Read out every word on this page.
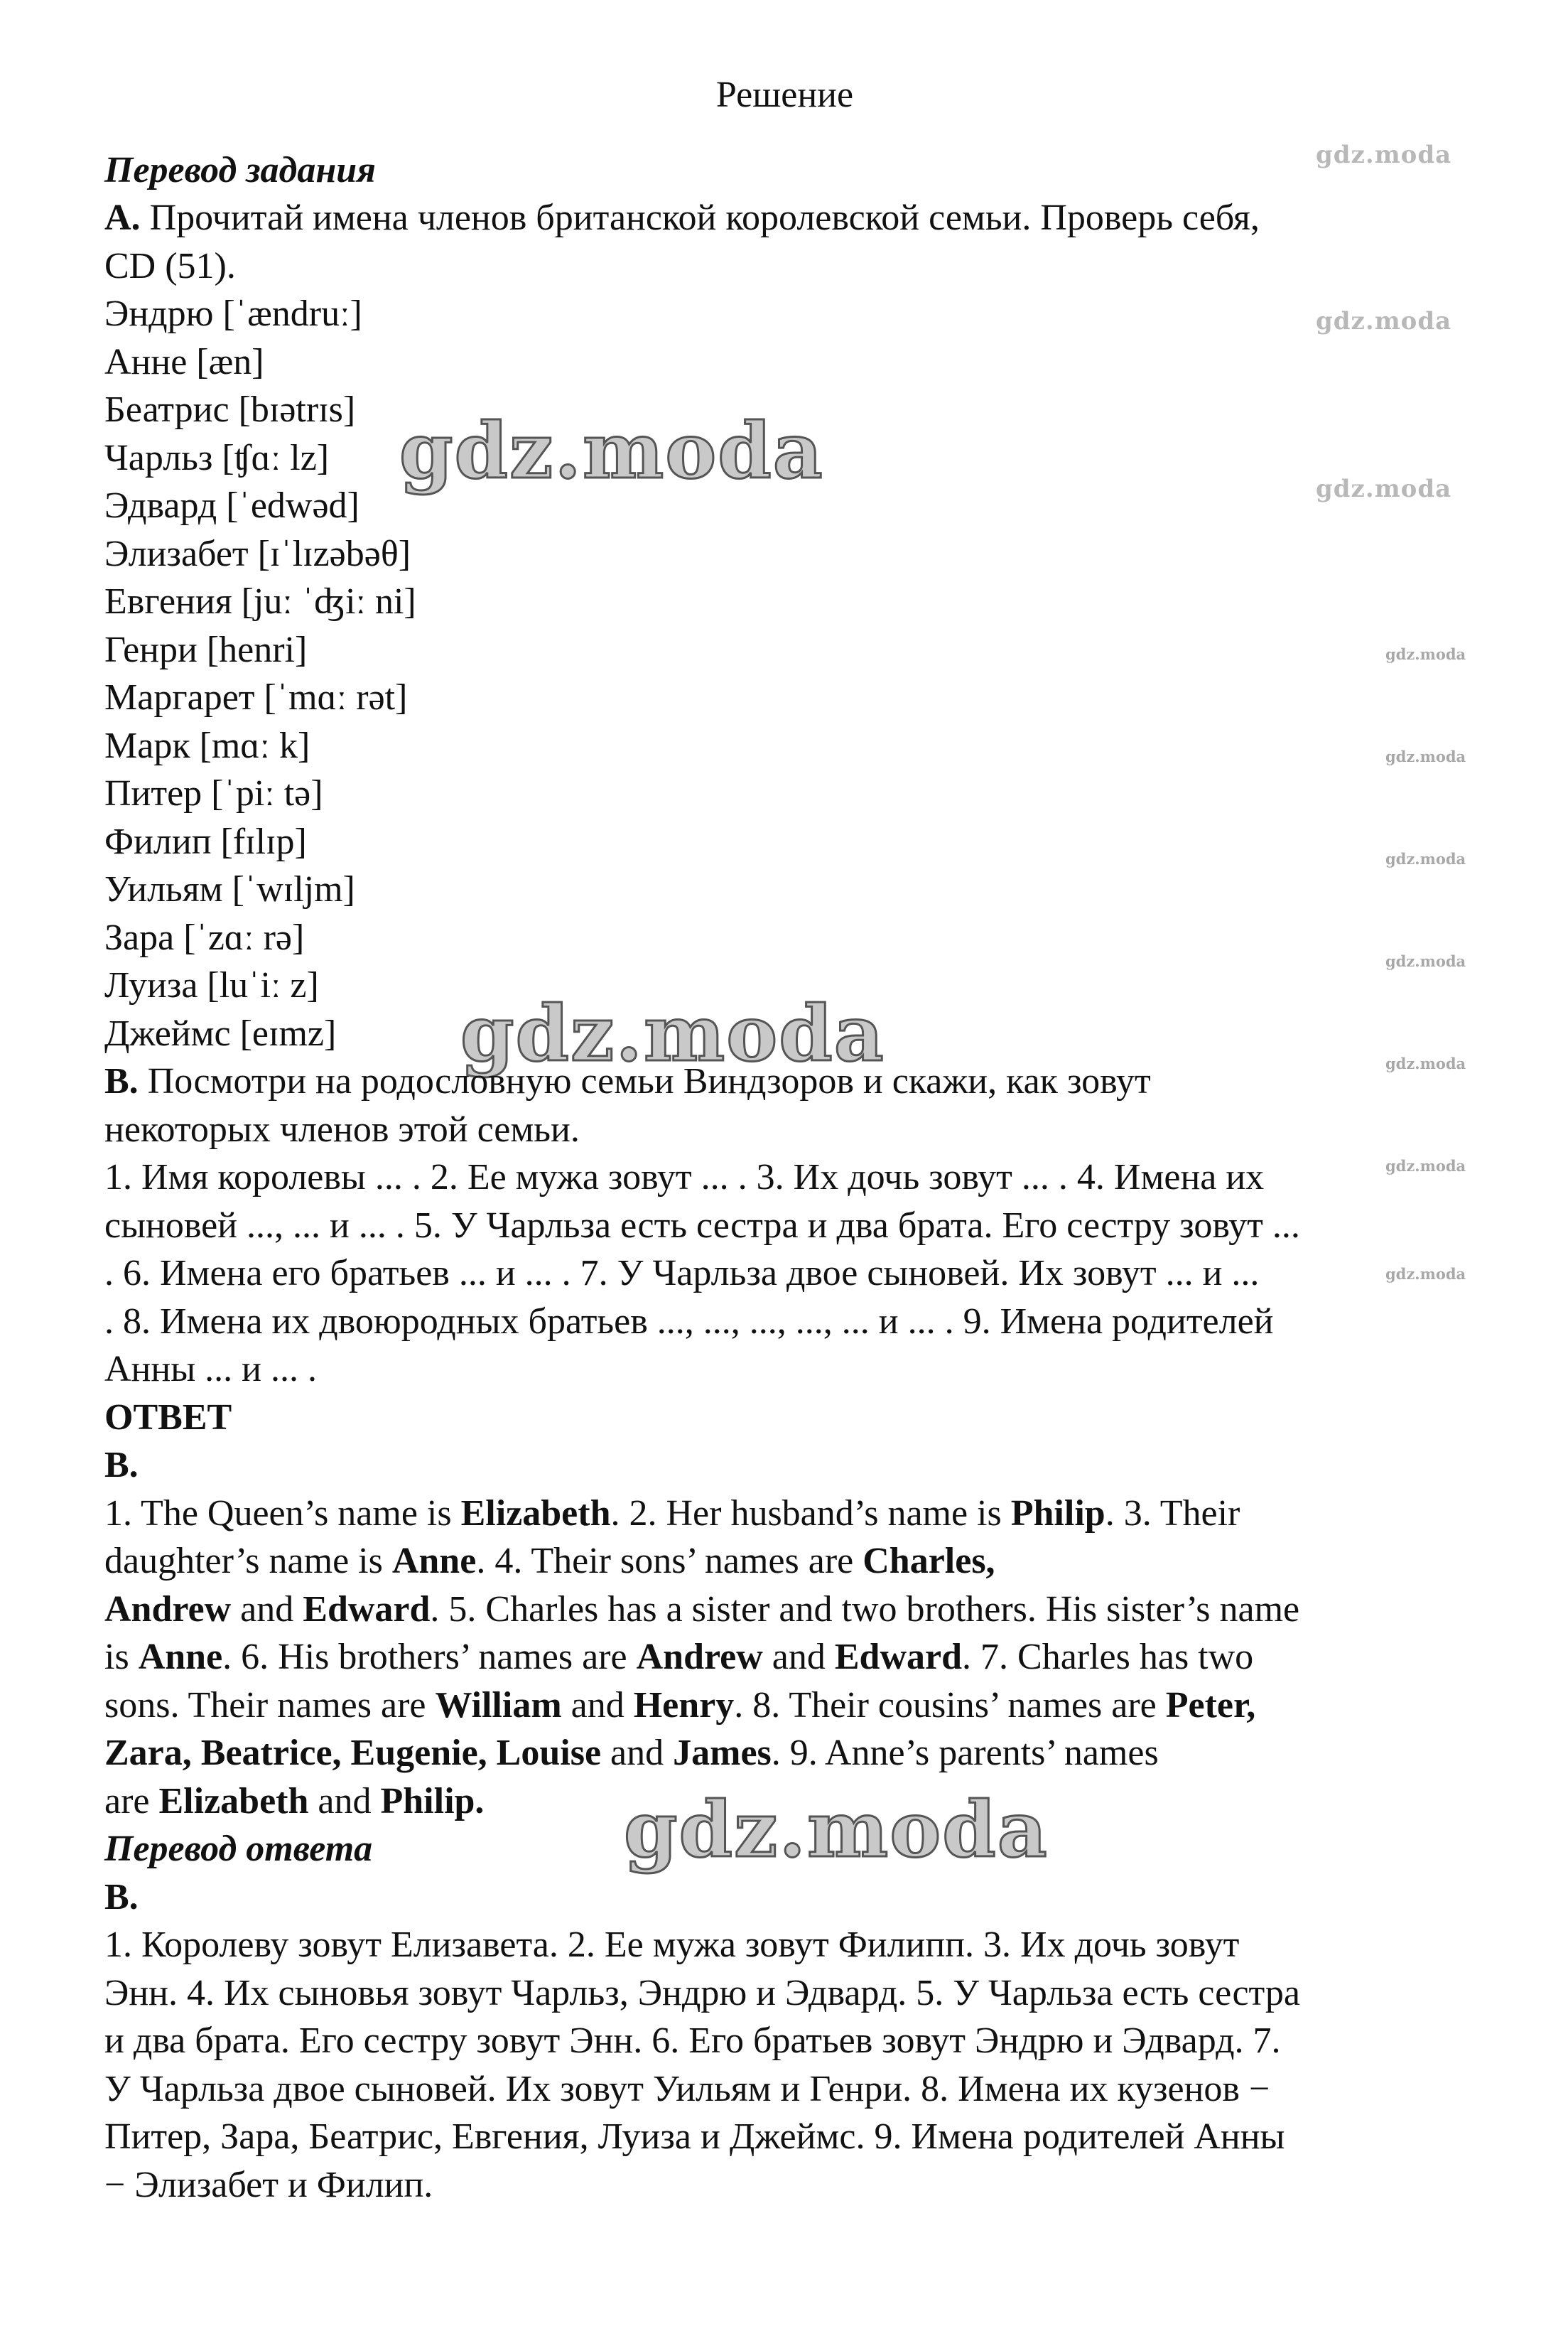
gdz.moda
gdz.moda
gdz.moda
gdz.moda
gdz.moda
gdz.moda
gdz.moda
gdz.moda
gdz.moda
gdz.moda
gdz.moda
gdz.moda
gdz.moda
Решение
Перевод задания
A. Прочитай имена членов британской королевской семьи. Проверь себя,
CD (51).
Эндрю [ˈændruː]
Анне [æn]
Беатрис [bɪətrɪs]
Чарльз [ʧɑː lz]
Эдвард [ˈedwəd]
Элизабет [ɪˈlɪzəbəθ]
Евгения [juː ˈʤiː ni]
Генри [henri]
Маргарет [ˈmɑː rət]
Марк [mɑː k]
Питер [ˈpiː tə]
Филип [fɪlɪp]
Уильям [ˈwɪljm]
Зара [ˈzɑː rə]
Луиза [luˈiː z]
Джеймс [eɪmz]
B. Посмотри на родословную семьи Виндзоров и скажи, как зовут
некоторых членов этой семьи.
1. Имя королевы ... . 2. Ее мужа зовут ... . 3. Их дочь зовут ... . 4. Имена их
сыновей ..., ... и ... . 5. У Чарльза есть сестра и два брата. Его сестру зовут ...
. 6. Имена его братьев ... и ... . 7. У Чарльза двое сыновей. Их зовут ... и ...
. 8. Имена их двоюродных братьев ..., ..., ..., ..., ... и ... . 9. Имена родителей
Анны ... и ... .
ОТВЕТ
B.
1. The Queen’s name is Elizabeth. 2. Her husband’s name is Philip. 3. Their
daughter’s name is Anne. 4. Their sons’ names are Charles,
Andrew and Edward. 5. Charles has a sister and two brothers. His sister’s name
is Anne. 6. His brothers’ names are Andrew and Edward. 7. Charles has two
sons. Their names are William and Henry. 8. Their cousins’ names are Peter,
Zara, Beatrice, Eugenie, Louise and James. 9. Anne’s parents’ names
are Elizabeth and Philip.
Перевод ответа
B.
1. Королеву зовут Елизавета. 2. Ее мужа зовут Филипп. 3. Их дочь зовут
Энн. 4. Их сыновья зовут Чарльз, Эндрю и Эдвард. 5. У Чарльза есть сестра
и два брата. Его сестру зовут Энн. 6. Его братьев зовут Эндрю и Эдвард. 7.
У Чарльза двое сыновей. Их зовут Уильям и Генри. 8. Имена их кузенов −
Питер, Зара, Беатрис, Евгения, Луиза и Джеймс. 9. Имена родителей Анны
− Элизабет и Филип.
